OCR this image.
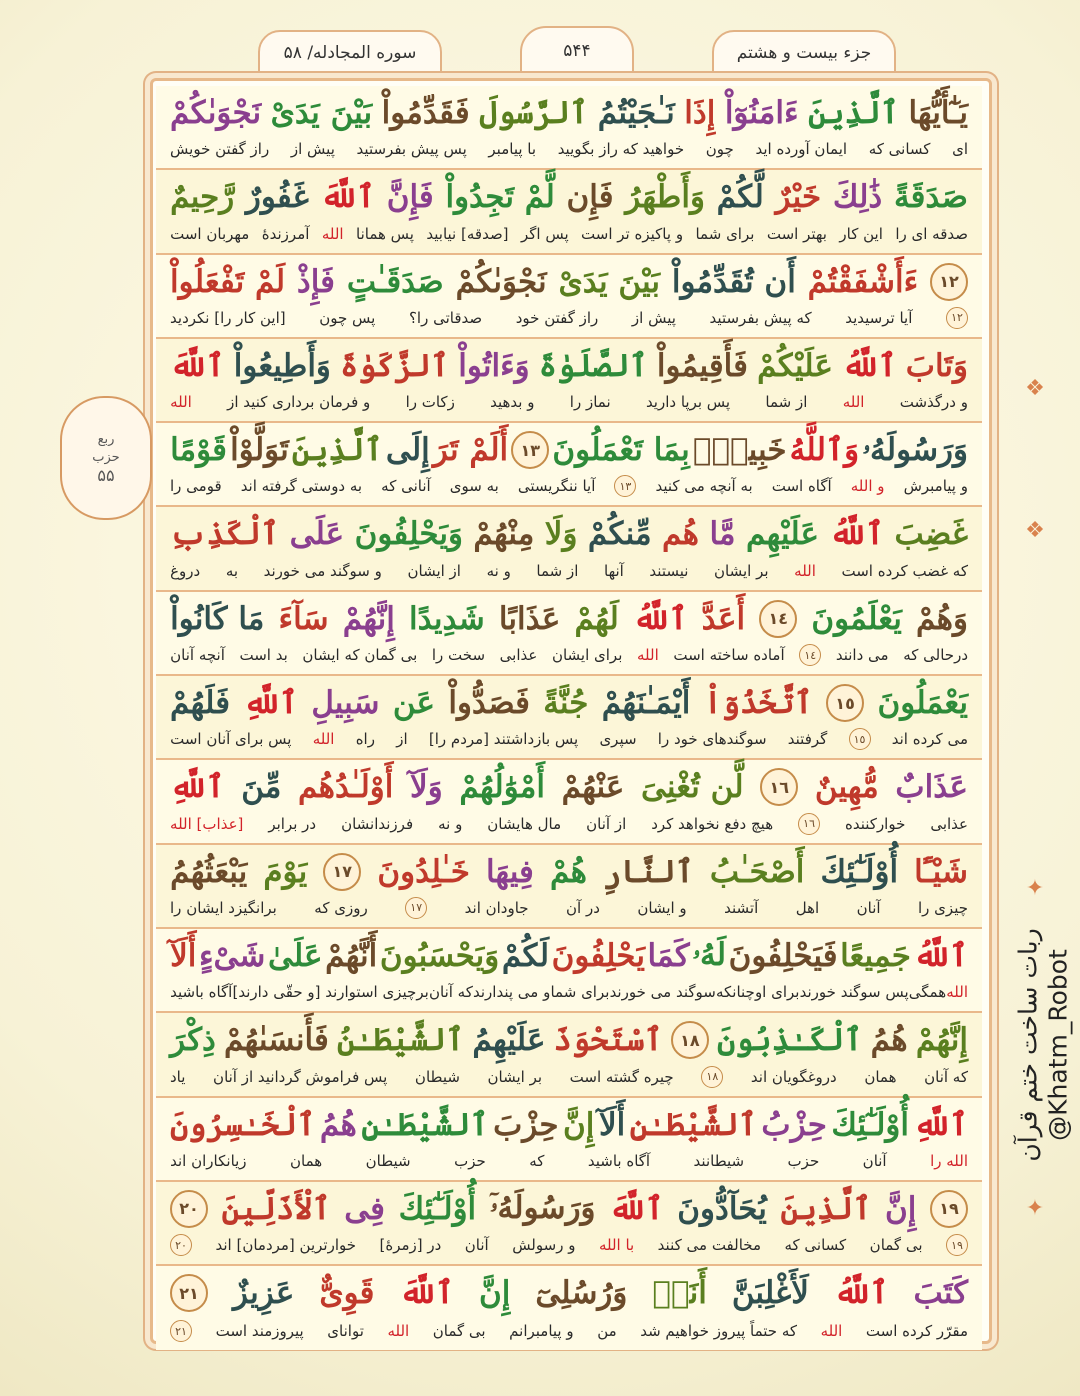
جزء بیست و هشتم
۵۴۴
سوره المجادله/ ۵۸
يَـٰٓأَيُّهَا
ٱلَّذِينَ
ءَامَنُوٓاْ
إِذَا
نَـٰجَيْتُمُ
ٱلرَّسُولَ
فَقَدِّمُواْ
بَيْنَ يَدَىْ
نَجْوَىٰكُمْ
ای
کسانی که
ایمان آورده اید
چون
خواهید که راز بگویید
با پیامبر
پس پیش بفرستید
پیش از
راز گفتن خویش
صَدَقَةً
ذَٰلِكَ
خَيْرٌ
لَّكُمْ
وَأَطْهَرُ
فَإِن
لَّمْ تَجِدُواْ
فَإِنَّ
ٱللَّهَ
غَفُورٌ
رَّحِيمٌ
صدقه ای را
این کار
بهتر است
برای شما
و پاکیزه تر است
پس اگر
[صدقه] نیابید
پس همانا
الله
آمرزندهٔ
مهربان است
١٢
ءَأَشْفَقْتُمْ
أَن تُقَدِّمُواْ
بَيْنَ يَدَىْ
نَجْوَىٰكُمْ
صَدَقَـٰتٍ
فَإِذْ
لَمْ تَفْعَلُواْ
١٢
آیا ترسیدید
که پیش بفرستید
پیش از
راز گفتن خود
صدقاتی را؟
پس چون
[این کار را] نکردید
وَتَابَ
ٱللَّهُ
عَلَيْكُمْ
فَأَقِيمُواْ
ٱلصَّلَوٰةَ
وَءَاتُواْ
ٱلزَّكَوٰةَ
وَأَطِيعُواْ
ٱللَّهَ
و درگذشت
الله
از شما
پس برپا دارید
نماز را
و بدهید
زکات را
و فرمان برداری کنید از
الله
وَرَسُولَهُۥ
وَٱللَّهُ
خَبِيرٌۢ
بِمَا تَعْمَلُونَ
١٣
أَلَمْ تَرَ
إِلَى
ٱلَّذِينَ
تَوَلَّوْاْ
قَوْمًا
و پیامبرش
و الله
آگاه است
به آنچه می کنید
١٣
آیا ننگریستی
به سوی
آنانی که
به دوستی گرفته اند
قومی را
غَضِبَ
ٱللَّهُ
عَلَيْهِم
مَّا
هُم
مِّنكُمْ
وَلَا
مِنْهُمْ
وَيَحْلِفُونَ
عَلَى
ٱلْكَذِبِ
که غضب کرده است
الله
بر ایشان
نیستند
آنها
از شما
و نه
از ایشان
و سوگند می خورند
به
دروغ
وَهُمْ
يَعْلَمُونَ
١٤
أَعَدَّ
ٱللَّهُ
لَهُمْ
عَذَابًا
شَدِيدًا
إِنَّهُمْ
سَآءَ
مَا كَانُواْ
درحالی که
می دانند
١٤
آماده ساخته است
الله
برای ایشان
عذابی
سخت را
بی گمان که ایشان
بد است
آنچه آنان
يَعْمَلُونَ
١٥
ٱتَّخَذُوٓاْ
أَيْمَـٰنَهُمْ
جُنَّةً
فَصَدُّواْ
عَن
سَبِيلِ
ٱللَّهِ
فَلَهُمْ
می کرده اند
١٥
گرفتند
سوگندهای خود را
سپری
پس بازداشتند [مردم را]
از
راه
الله
پس برای آنان است
عَذَابٌ
مُّهِينٌ
١٦
لَّن تُغْنِىَ
عَنْهُمْ
أَمْوَٰلُهُمْ
وَلَآ
أَوْلَـٰدُهُم
مِّنَ
ٱللَّهِ
عذابی
خوارکننده
١٦
هیچ دفع نخواهد کرد
از آنان
مال هایشان
و نه
فرزندانشان
در برابر
[عذاب] الله
شَيْـًٔا
أُوْلَـٰٓئِكَ
أَصْحَـٰبُ
ٱلنَّارِ
هُمْ
فِيهَا
خَـٰلِدُونَ
١٧
يَوْمَ
يَبْعَثُهُمُ
چیزی را
آنان
اهل
آتشند
و ایشان
در آن
جاودان اند
١٧
روزی که
برانگیزد ایشان را
ٱللَّهُ
جَمِيعًا
فَيَحْلِفُونَ
لَهُۥ
كَمَا
يَحْلِفُونَ
لَكُمْ
وَيَحْسَبُونَ
أَنَّهُمْ
عَلَىٰ
شَىْءٍ
أَلَآ
الله
همگی
پس سوگند خورند
برای او
چنانکه
سوگند می خورند
برای شما
و می پندارند
که آنان
بر
چیزی استوارند [و حقّی دارند]
آگاه باشید
إِنَّهُمْ
هُمُ
ٱلْكَـٰذِبُونَ
١٨
ٱسْتَحْوَذَ
عَلَيْهِمُ
ٱلشَّيْطَـٰنُ
فَأَنسَىٰهُمْ
ذِكْرَ
که آنان
همان
دروغگویان اند
١٨
چیره گشته است
بر ایشان
شیطان
پس فراموش گردانید از آنان
یاد
ٱللَّهِ
أُوْلَـٰٓئِكَ
حِزْبُ
ٱلشَّيْطَـٰنِ
أَلَآ
إِنَّ
حِزْبَ
ٱلشَّيْطَـٰنِ
هُمُ
ٱلْخَـٰسِرُونَ
الله را
آنان
حزب
شیطانند
آگاه باشید
که
حزب
شیطان
همان
زیانکاران اند
١٩
إِنَّ
ٱلَّذِينَ
يُحَآدُّونَ
ٱللَّهَ
وَرَسُولَهُۥٓ
أُوْلَـٰٓئِكَ
فِى
ٱلْأَذَلِّينَ
٢٠
١٩
بی گمان
کسانی که
مخالفت می کنند
با الله
و رسولش
آنان
در [زمرهٔ]
خوارترین [مردمان] اند
٢٠
كَتَبَ
ٱللَّهُ
لَأَغْلِبَنَّ
أَنَا۠
وَرُسُلِىٓ
إِنَّ
ٱللَّهَ
قَوِىٌّ
عَزِيزٌ
٢١
مقرّر کرده است
الله
که حتماً پیروز خواهیم شد
من
و پیامبرانم
بی گمان
الله
توانای
پیروزمند است
٢١
ربع
حزب
۵۵
❖
❖
✦
✦
ربات ساخت ختم قرآن @Khatm_Robot
